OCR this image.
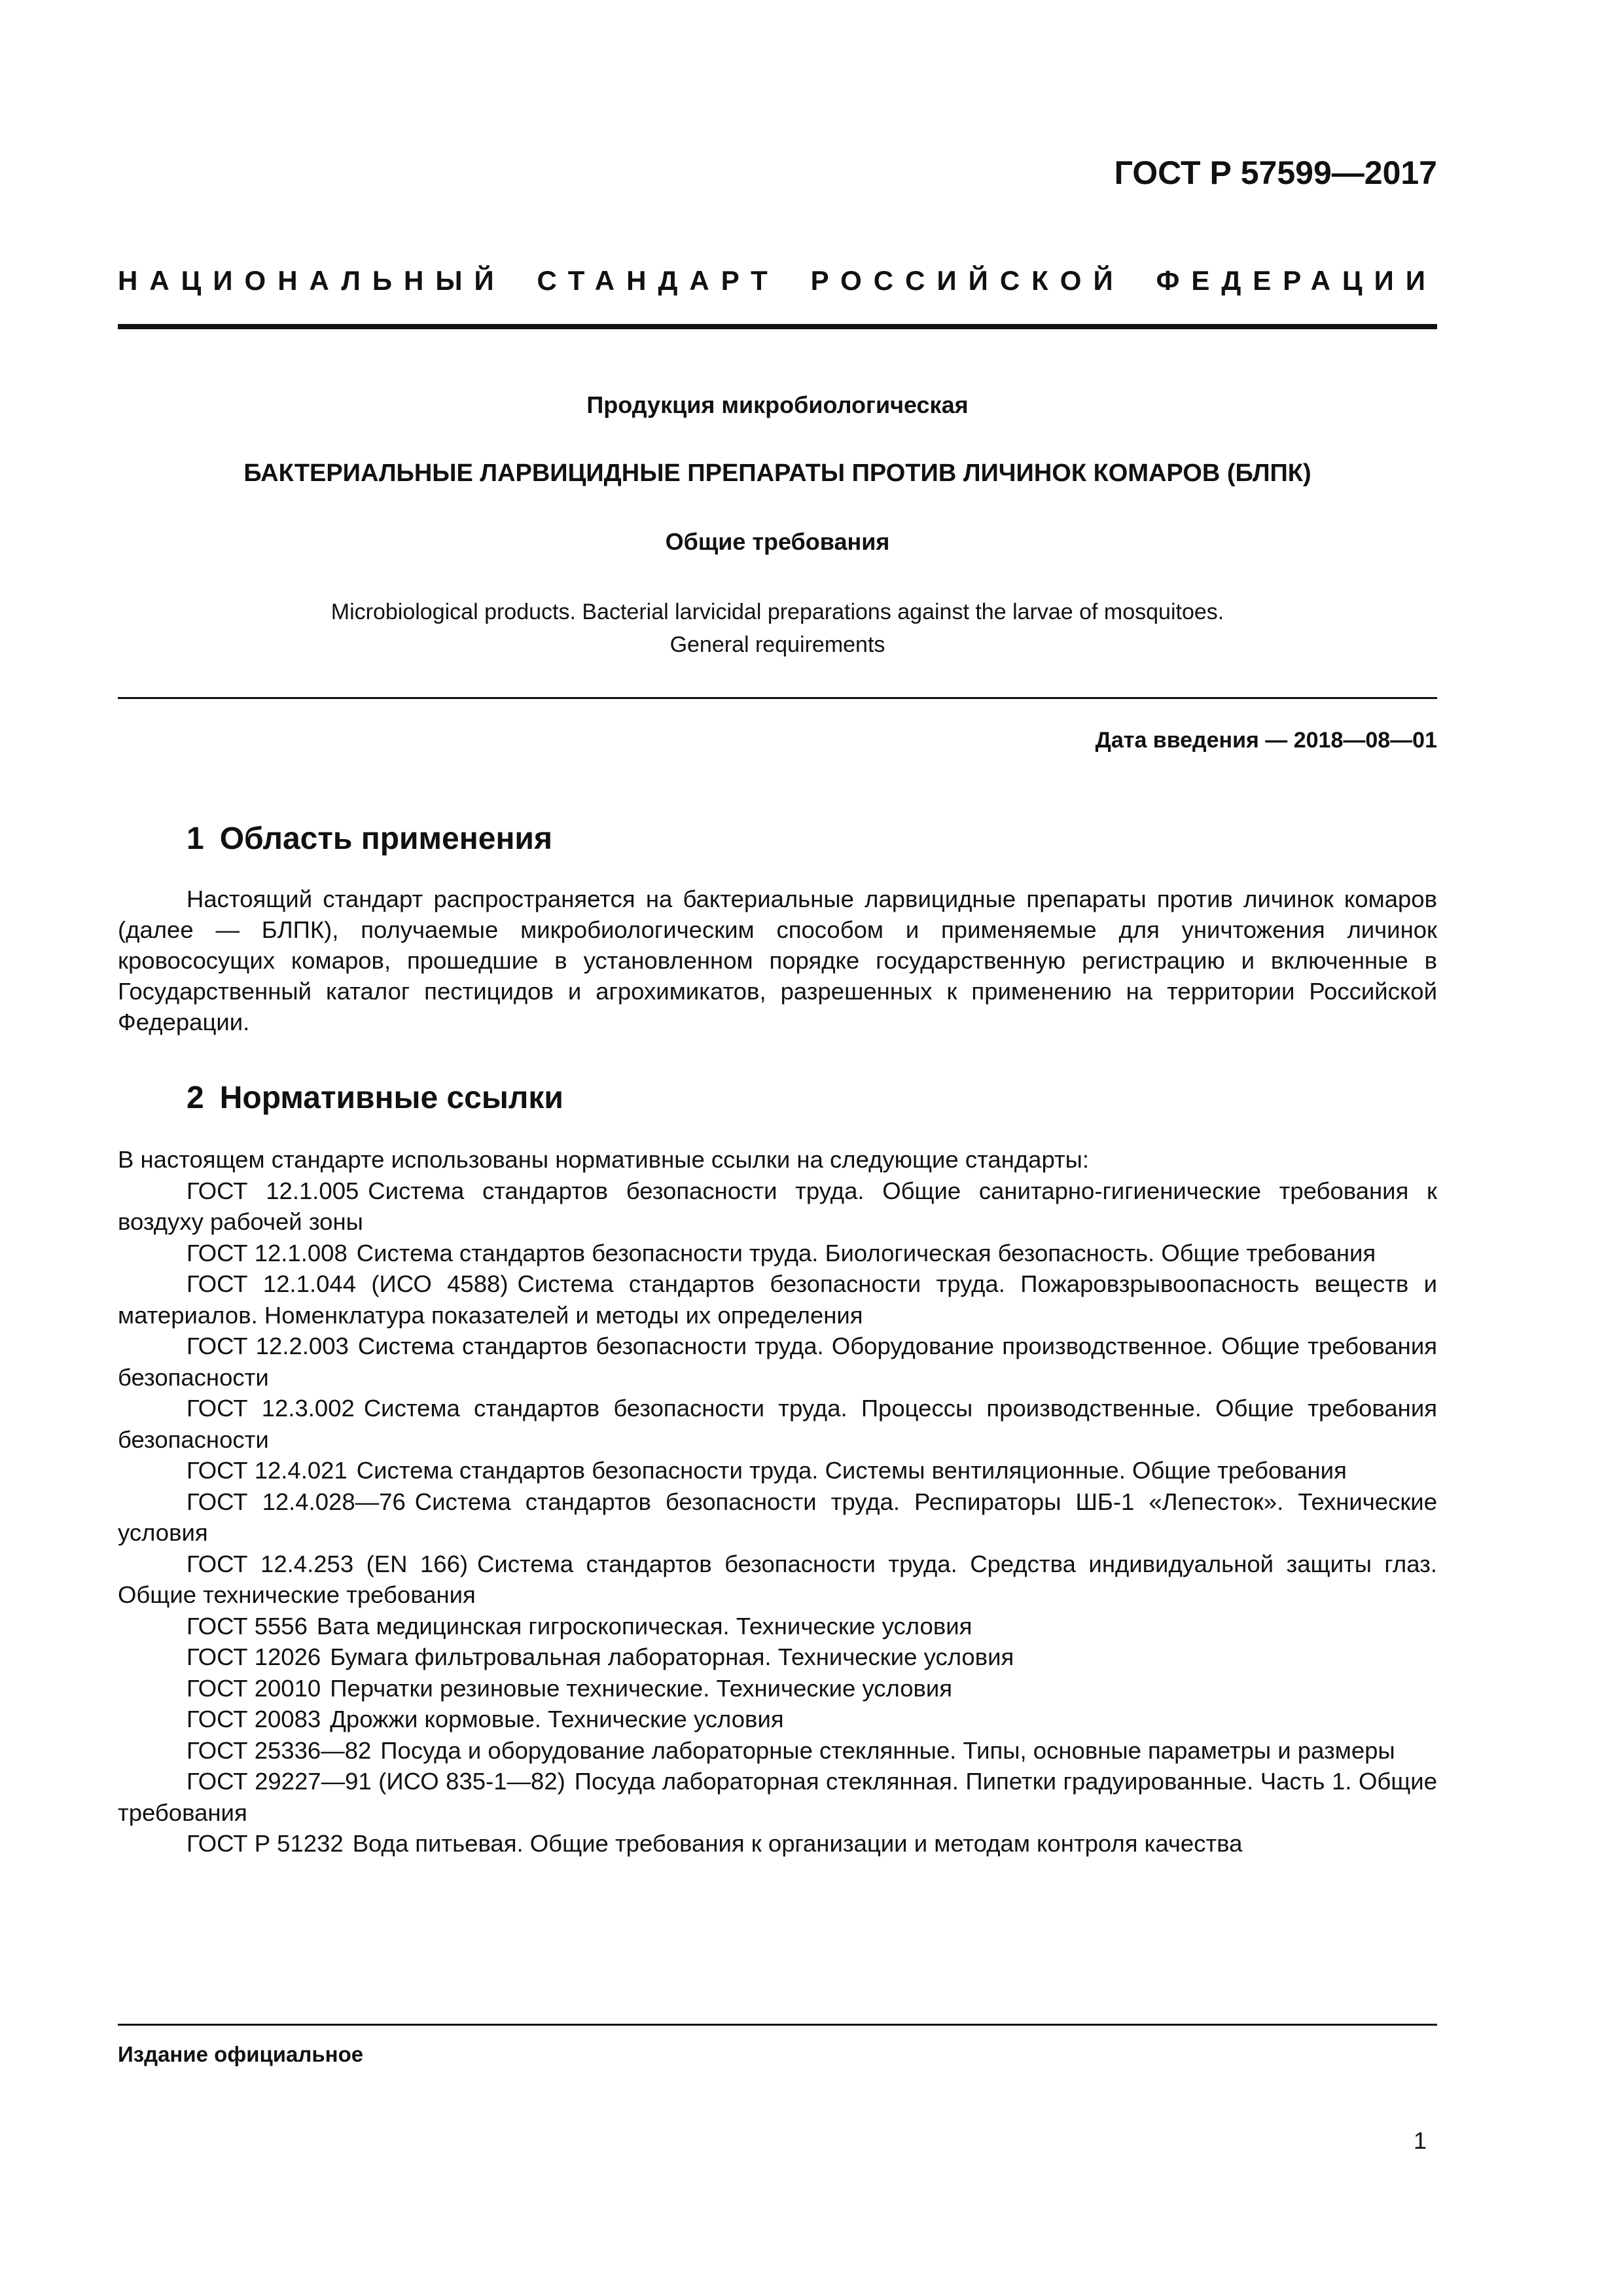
ГОСТ Р 57599—2017
НАЦИОНАЛЬНЫЙ СТАНДАРТ РОССИЙСКОЙ ФЕДЕРАЦИИ
Продукция микробиологическая
БАКТЕРИАЛЬНЫЕ ЛАРВИЦИДНЫЕ ПРЕПАРАТЫ ПРОТИВ ЛИЧИНОК КОМАРОВ (БЛПК)
Общие требования
Microbiological products. Bacterial larvicidal preparations against the larvae of mosquitoes.
General requirements
Дата введения — 2018—08—01
1 Область применения

Настоящий стандарт распространяется на бактериальные ларвицидные препараты против личинок комаров (далее — БЛПК), получаемые микробиологическим способом и применяемые для уничтожения личинок кровососущих комаров, прошедшие в установленном порядке государственную регистрацию и включенные в Государственный каталог пестицидов и агрохимикатов, разрешенных к применению на территории Российской Федерации.

2 Нормативные ссылки

В настоящем стандарте использованы нормативные ссылки на следующие стандарты:

ГОСТ 12.1.005 Система стандартов безопасности труда. Общие санитарно-гигиенические требования к воздуху рабочей зоны

ГОСТ 12.1.008 Система стандартов безопасности труда. Биологическая безопасность. Общие требования

ГОСТ 12.1.044 (ИСО 4588) Система стандартов безопасности труда. Пожаровзрывоопасность веществ и материалов. Номенклатура показателей и методы их определения

ГОСТ 12.2.003 Система стандартов безопасности труда. Оборудование производственное. Общие требования безопасности

ГОСТ 12.3.002 Система стандартов безопасности труда. Процессы производственные. Общие требования безопасности

ГОСТ 12.4.021 Система стандартов безопасности труда. Системы вентиляционные. Общие требования

ГОСТ 12.4.028—76 Система стандартов безопасности труда. Респираторы ШБ-1 «Лепесток». Технические условия

ГОСТ 12.4.253 (EN 166) Система стандартов безопасности труда. Средства индивидуальной защиты глаз. Общие технические требования

ГОСТ 5556 Вата медицинская гигроскопическая. Технические условия

ГОСТ 12026 Бумага фильтровальная лабораторная. Технические условия

ГОСТ 20010 Перчатки резиновые технические. Технические условия

ГОСТ 20083 Дрожжи кормовые. Технические условия

ГОСТ 25336—82 Посуда и оборудование лабораторные стеклянные. Типы, основные параметры и размеры

ГОСТ 29227—91 (ИСО 835-1—82) Посуда лабораторная стеклянная. Пипетки градуированные. Часть 1. Общие требования

ГОСТ Р 51232 Вода питьевая. Общие требования к организации и методам контроля качества

Издание официальное
1
